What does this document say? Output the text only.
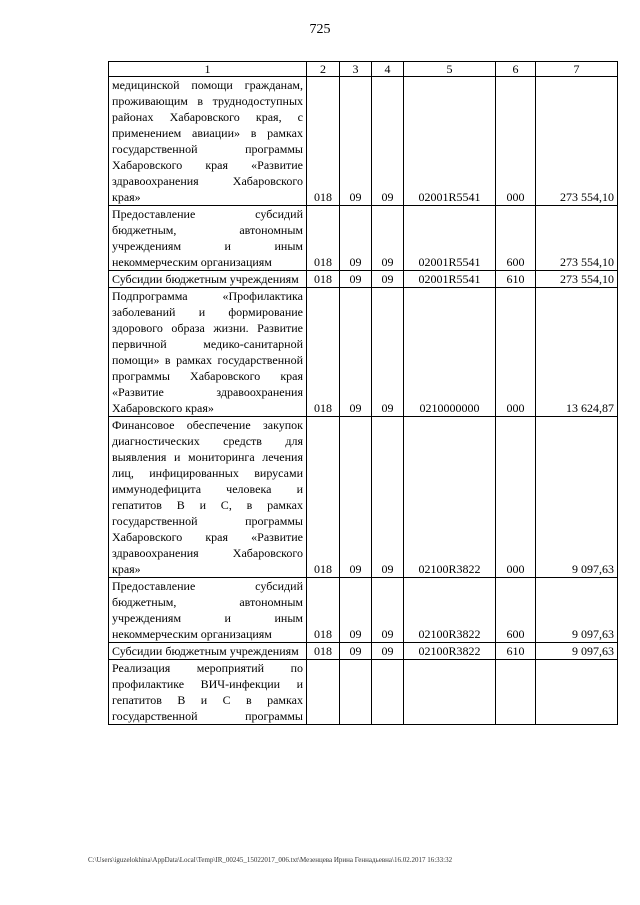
725
1	2	3	4	5	6	7
медицинской помощи гражданам, проживающим в труднодоступных районах Хабаровского края, с применением авиации» в рамках государственной программы Хабаровского края «Развитие здравоохранения Хабаровского края»	018	09	09	02001R5541	000	273 554,10
Предоставление субсидий бюджетным, автономным учреждениям и иным некоммерческим организациям	018	09	09	02001R5541	600	273 554,10
Субсидии бюджетным учреждениям	018	09	09	02001R5541	610	273 554,10
Подпрограмма «Профилактика заболеваний и формирование здорового образа жизни. Развитие первичной медико-санитарной помощи» в рамках государственной программы Хабаровского края «Развитие здравоохранения Хабаровского края»	018	09	09	0210000000	000	13 624,87
Финансовое обеспечение закупок диагностических средств для выявления и мониторинга лечения лиц, инфицированных вирусами иммунодефицита человека и гепатитов В и С, в рамках государственной программы Хабаровского края «Развитие здравоохранения Хабаровского края»	018	09	09	02100R3822	000	9 097,63
Предоставление субсидий бюджетным, автономным учреждениям и иным некоммерческим организациям	018	09	09	02100R3822	600	9 097,63
Субсидии бюджетным учреждениям	018	09	09	02100R3822	610	9 097,63
Реализация мероприятий по профилактике ВИЧ-инфекции и гепатитов В и С в рамках государственной программы						
C:\Users\iguzelokhina\AppData\Local\Temp\IR_00245_15022017_006.txt\Мезенцева Ирина Геннадьевна\16.02.2017 16:33:32
